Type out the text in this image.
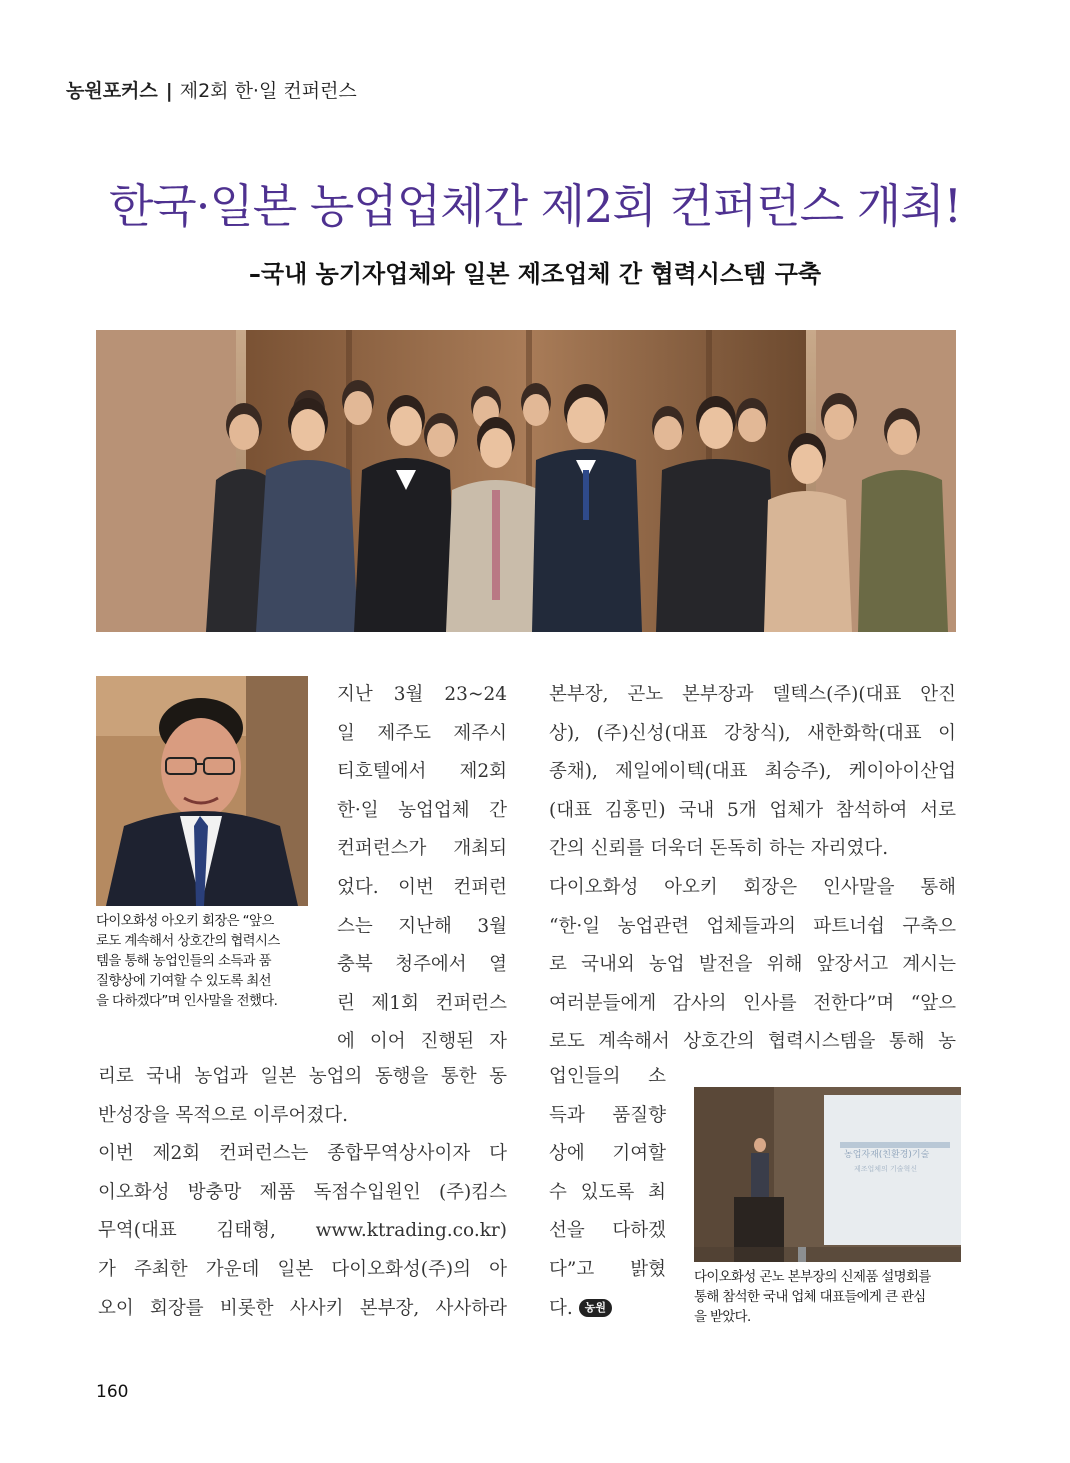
농원포커스 | 제2회 한·일 컨퍼런스
한국·일본 농업업체간 제2회 컨퍼런스 개최!
–국내 농기자업체와 일본 제조업체 간 협력시스템 구축
다이오화성 아오키 회장은 “앞으
로도 계속해서 상호간의 협력시스
템을 통해 농업인들의 소득과 품
질향상에 기여할 수 있도록 최선
을 다하겠다”며 인사말을 전했다.
농업자재(친환경)기술
제조업체의 기술혁신
다이오화성 곤노 본부장의 신제품 설명회를
통해 참석한 국내 업체 대표들에게 큰 관심
을 받았다.
지난 3월 23~24
일 제주도 제주시
티호텔에서 제2회
한·일 농업업체 간
컨퍼런스가 개최되
었다. 이번 컨퍼런
스는 지난해 3월
충북 청주에서 열
린 제1회 컨퍼런스
에 이어 진행된 자
리로 국내 농업과 일본 농업의 동행을 통한 동
반성장을 목적으로 이루어졌다.
이번 제2회 컨퍼런스는 종합무역상사이자 다
이오화성 방충망 제품 독점수입원인 (주)킴스
무역(대표 김태형, www.ktrading.co.kr)
가 주최한 가운데 일본 다이오화성(주)의 아
오이 회장를 비롯한 사사키 본부장, 사사하라
본부장, 곤노 본부장과 델텍스(주)(대표 안진
상), (주)신성(대표 강창식), 새한화학(대표 이
종채), 제일에이텍(대표 최승주), 케이아이산업
(대표 김홍민) 국내 5개 업체가 참석하여 서로
간의 신뢰를 더욱더 돈독히 하는 자리였다.
다이오화성 아오키 회장은 인사말을 통해
“한·일 농업관련 업체들과의 파트너쉽 구축으
로 국내외 농업 발전을 위해 앞장서고 계시는
여러분들에게 감사의 인사를 전한다”며 “앞으
로도 계속해서 상호간의 협력시스템을 통해 농
업인들의 소
득과 품질향
상에 기여할
수 있도록 최
선을 다하겠
다”고 밝혔
다. 농원
160
